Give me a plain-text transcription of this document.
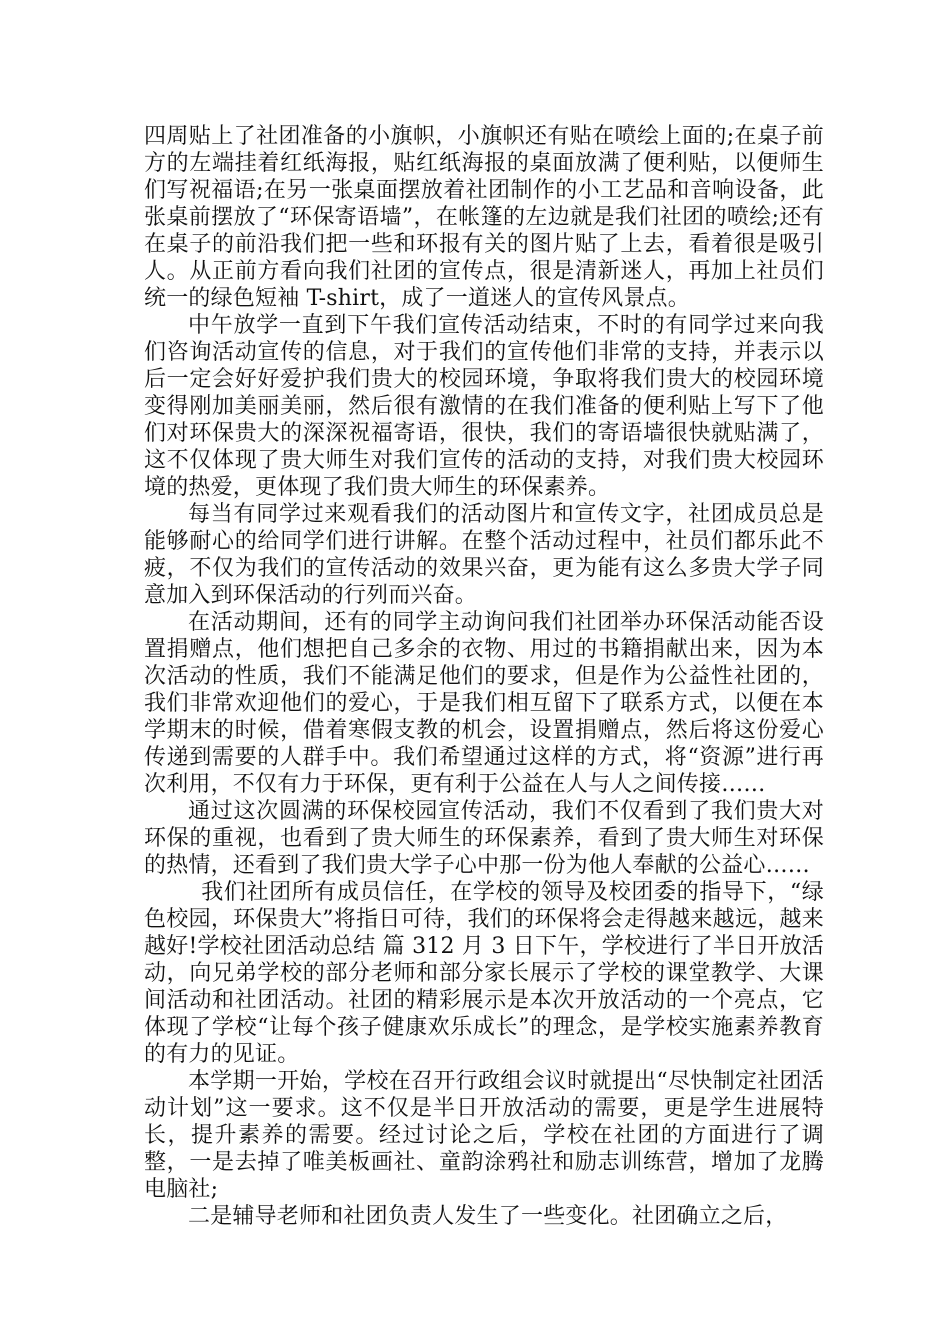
四周贴上了社团准备的小旗帜，小旗帜还有贴在喷绘上面的;在桌子前方的左端挂着红纸海报，贴红纸海报的桌面放满了便利贴，以便师生们写祝福语;在另一张桌面摆放着社团制作的小工艺品和音响设备，此张桌前摆放了“环保寄语墙”，在帐篷的左边就是我们社团的喷绘;还有在桌子的前沿我们把一些和环报有关的图片贴了上去，看着很是吸引人。从正前方看向我们社团的宣传点，很是清新迷人，再加上社员们统一的绿色短袖 T-shirt，成了一道迷人的宣传风景点。

中午放学一直到下午我们宣传活动结束，不时的有同学过来向我们咨询活动宣传的信息，对于我们的宣传他们非常的支持，并表示以后一定会好好爱护我们贵大的校园环境，争取将我们贵大的校园环境变得刚加美丽美丽，然后很有激情的在我们准备的便利贴上写下了他们对环保贵大的深深祝福寄语，很快，我们的寄语墙很快就贴满了，这不仅体现了贵大师生对我们宣传的活动的支持，对我们贵大校园环境的热爱，更体现了我们贵大师生的环保素养。

每当有同学过来观看我们的活动图片和宣传文字，社团成员总是能够耐心的给同学们进行讲解。在整个活动过程中，社员们都乐此不疲，不仅为我们的宣传活动的效果兴奋，更为能有这么多贵大学子同意加入到环保活动的行列而兴奋。

在活动期间，还有的同学主动询问我们社团举办环保活动能否设置捐赠点，他们想把自己多余的衣物、用过的书籍捐献出来，因为本次活动的性质，我们不能满足他们的要求，但是作为公益性社团的，我们非常欢迎他们的爱心，于是我们相互留下了联系方式，以便在本学期末的时候，借着寒假支教的机会，设置捐赠点，然后将这份爱心传递到需要的人群手中。我们希望通过这样的方式，将“资源”进行再次利用，不仅有力于环保，更有利于公益在人与人之间传接……

通过这次圆满的环保校园宣传活动，我们不仅看到了我们贵大对环保的重视，也看到了贵大师生的环保素养，看到了贵大师生对环保的热情，还看到了我们贵大学子心中那一份为他人奉献的公益心……

我们社团所有成员信任，在学校的领导及校团委的指导下，“绿色校园，环保贵大”将指日可待，我们的环保将会走得越来越远，越来越好!学校社团活动总结 篇 312 月 3 日下午，学校进行了半日开放活动，向兄弟学校的部分老师和部分家长展示了学校的课堂教学、大课间活动和社团活动。社团的精彩展示是本次开放活动的一个亮点，它体现了学校“让每个孩子健康欢乐成长”的理念，是学校实施素养教育的有力的见证。

本学期一开始，学校在召开行政组会议时就提出“尽快制定社团活动计划”这一要求。这不仅是半日开放活动的需要，更是学生进展特长，提升素养的需要。经过讨论之后，学校在社团的方面进行了调整，一是去掉了唯美板画社、童韵涂鸦社和励志训练营，增加了龙腾电脑社;

二是辅导老师和社团负责人发生了一些变化。社团确立之后，
